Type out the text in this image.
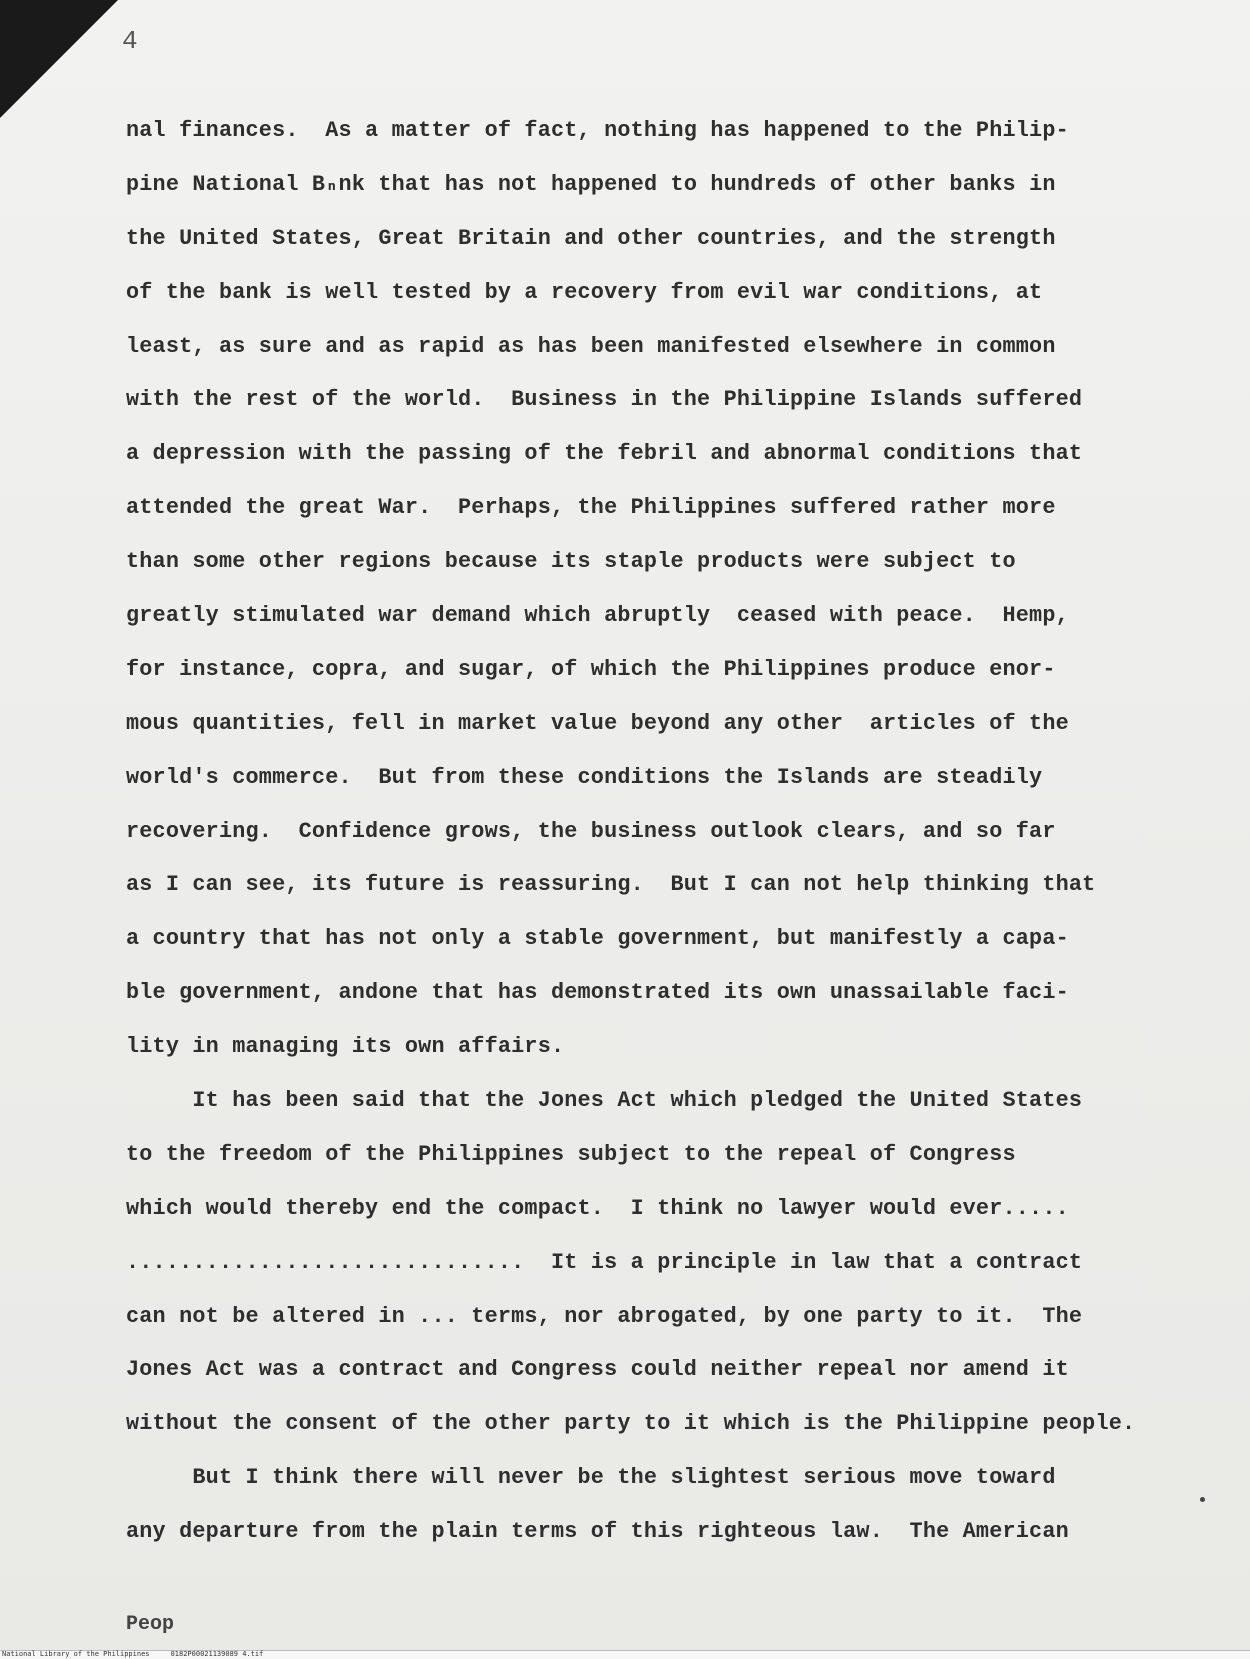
4
nal finances.  As a matter of fact, nothing has happened to the Philip-
pine National Bₙnk that has not happened to hundreds of other banks in
the United States, Great Britain and other countries, and the strength
of the bank is well tested by a recovery from evil war conditions, at
least, as sure and as rapid as has been manifested elsewhere in common
with the rest of the world.  Business in the Philippine Islands suffered
a depression with the passing of the febril and abnormal conditions that
attended the great War.  Perhaps, the Philippines suffered rather more
than some other regions because its staple products were subject to
greatly stimulated war demand which abruptly  ceased with peace.  Hemp,
for instance, copra, and sugar, of which the Philippines produce enor-
mous quantities, fell in market value beyond any other  articles of the
world's commerce.  But from these conditions the Islands are steadily
recovering.  Confidence grows, the business outlook clears, and so far
as I can see, its future is reassuring.  But I can not help thinking that
a country that has not only a stable government, but manifestly a capa-
ble government, andone that has demonstrated its own unassailable faci-
lity in managing its own affairs.
It has been said that the Jones Act which pledged the United States
to the freedom of the Philippines subject to the repeal of Congress
which would thereby end the compact.  I think no lawyer would ever.....
..............................  It is a principle in law that a contract
can not be altered in ... terms, nor abrogated, by one party to it.  The
Jones Act was a contract and Congress could neither repeal nor amend it
without the consent of the other party to it which is the Philippine people.
But I think there will never be the slightest serious move toward
any departure from the plain terms of this righteous law.  The American
Peop
National Library of the Philippines     0182P00021139089 4.tif
